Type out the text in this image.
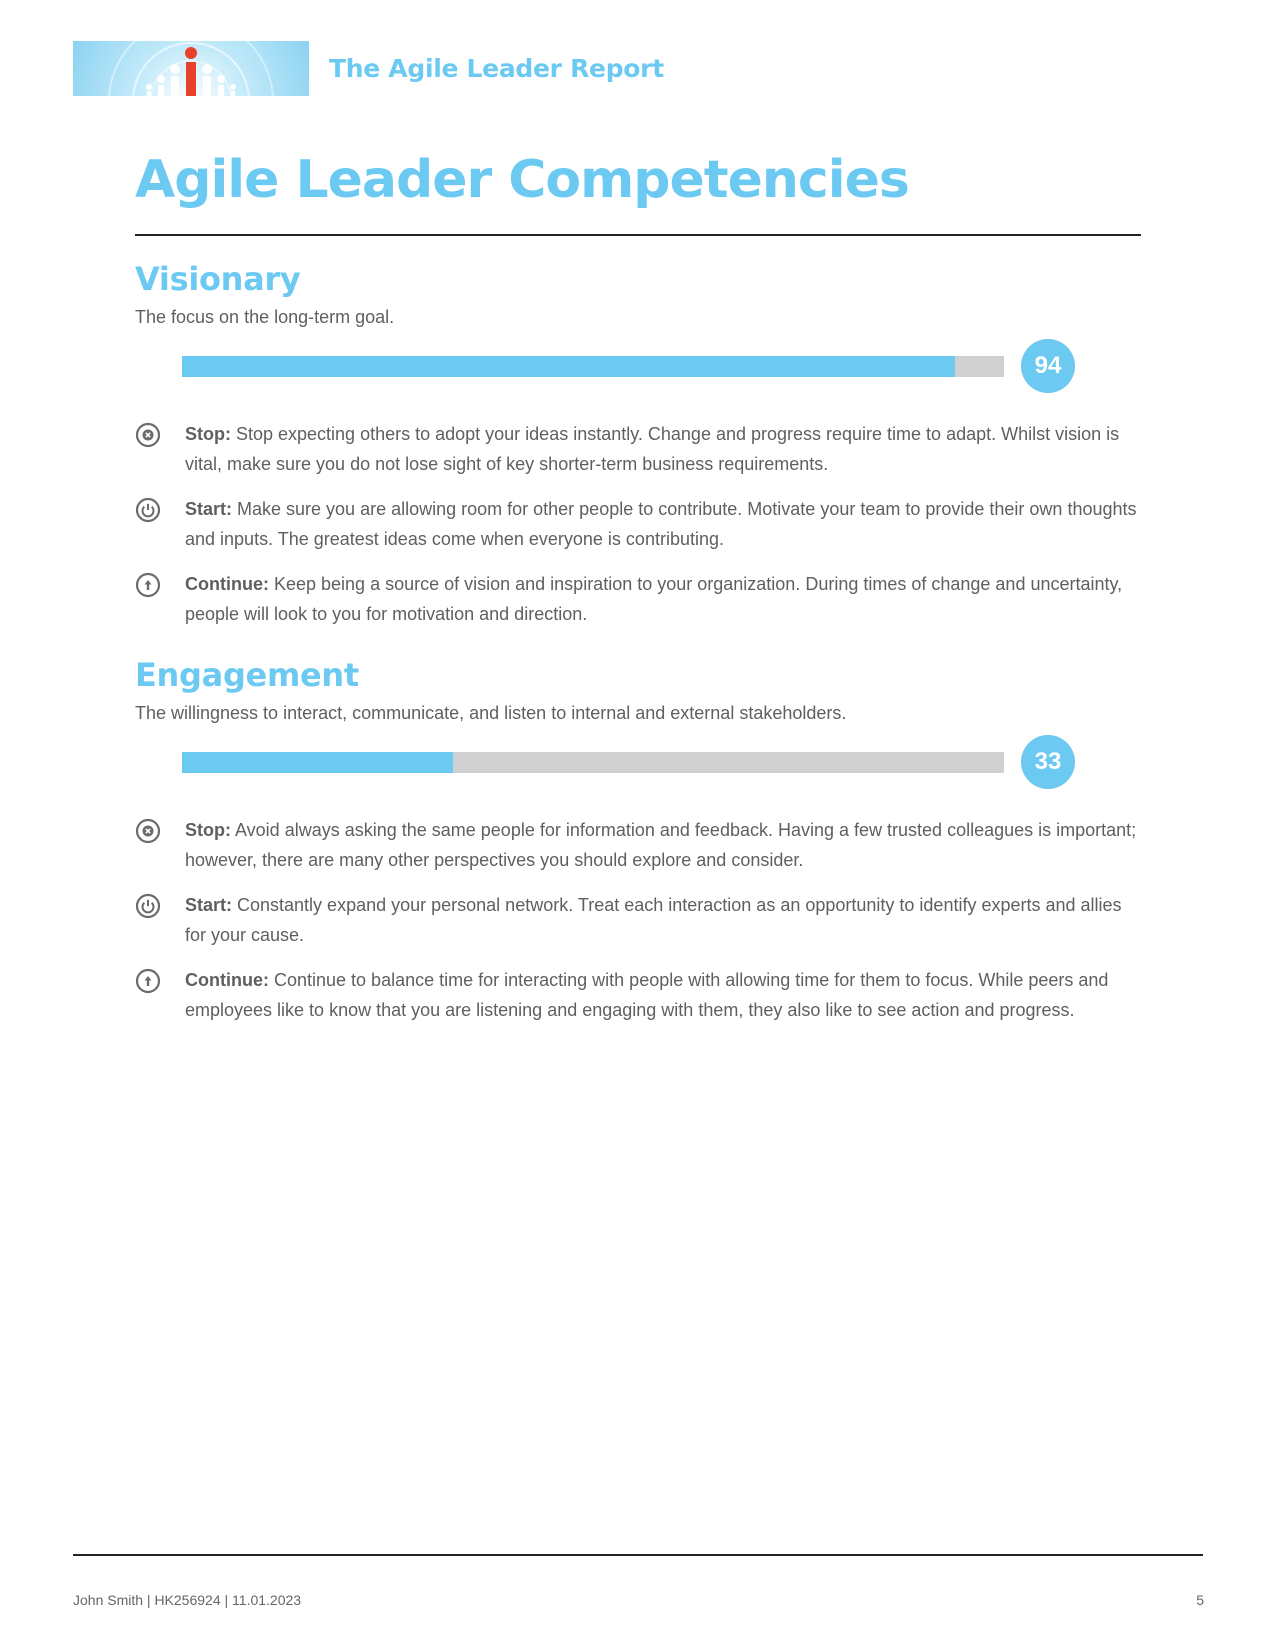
The Agile Leader Report
Agile Leader Competencies
Visionary

The focus on the long-term goal.

94
Stop: Stop expecting others to adopt your ideas instantly. Change and progress require time to adapt. Whilst vision is vital, make sure you do not lose sight of key shorter-term business requirements.
Start: Make sure you are allowing room for other people to contribute. Motivate your team to provide their own thoughts and inputs. The greatest ideas come when everyone is contributing.
Continue: Keep being a source of vision and inspiration to your organization. During times of change and uncertainty, people will look to you for motivation and direction.
Engagement

The willingness to interact, communicate, and listen to internal and external stakeholders.

33
Stop: Avoid always asking the same people for information and feedback. Having a few trusted colleagues is important; however, there are many other perspectives you should explore and consider.
Start: Constantly expand your personal network. Treat each interaction as an opportunity to identify experts and allies for your cause.
Continue: Continue to balance time for interacting with people with allowing time for them to focus. While peers and employees like to know that you are listening and engaging with them, they also like to see action and progress.
John Smith | HK256924 | 11.01.2023	5
